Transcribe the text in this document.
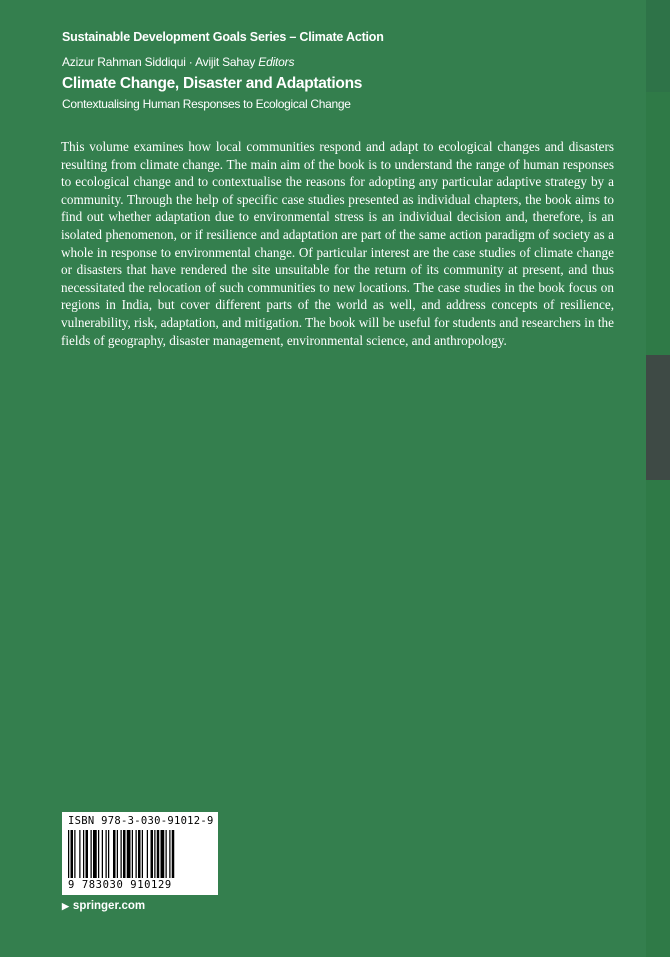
Sustainable Development Goals Series – Climate Action
Azizur Rahman Siddiqui · Avijit Sahay Editors
Climate Change, Disaster and Adaptations
Contextualising Human Responses to Ecological Change
This volume examines how local communities respond and adapt to ecological changes and disasters resulting from climate change. The main aim of the book is to understand the range of human responses to ecological change and to contextualise the reasons for adopting any particular adaptive strategy by a community. Through the help of specific case studies presented as individual chapters, the book aims to find out whether adaptation due to environmental stress is an individual decision and, therefore, is an isolated phenomenon, or if resilience and adaptation are part of the same action paradigm of society as a whole in response to environmental change. Of particular interest are the case studies of climate change or disasters that have rendered the site unsuitable for the return of its community at present, and thus necessitated the relocation of such communities to new locations. The case studies in the book focus on regions in India, but cover different parts of the world as well, and address concepts of resilience, vulnerability, risk, adaptation, and mitigation. The book will be useful for students and researchers in the fields of geography, disaster management, environmental science, and anthropology.
ISBN 978-3-030-91012-9
9 783030 910129
▶ springer.com
